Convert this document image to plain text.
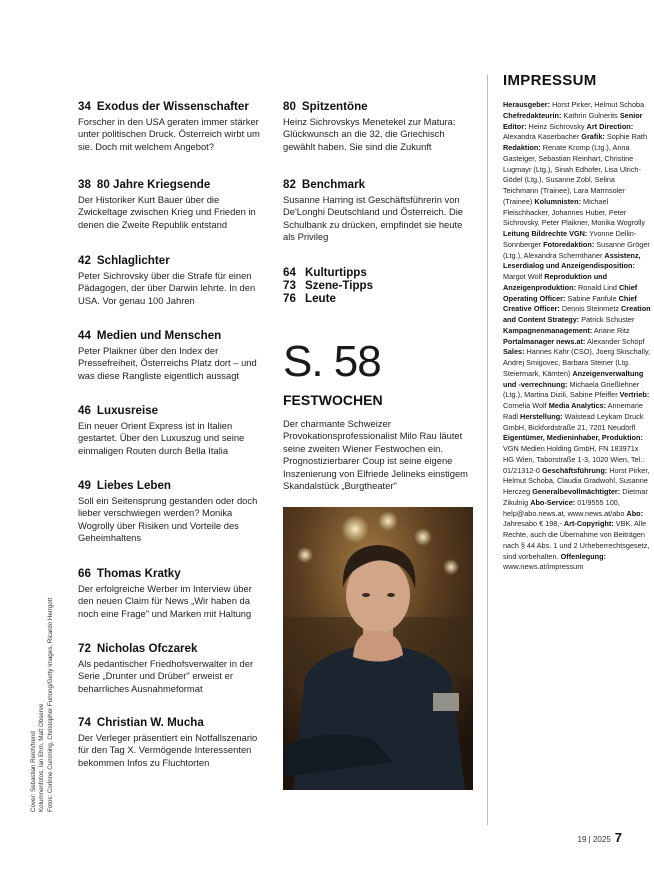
34 Exodus der Wissenschafter

Forscher in den USA geraten immer stärker unter politischen Druck. Österreich wirbt um sie. Doch mit welchem Angebot?

38 80 Jahre Kriegsende

Der Historiker Kurt Bauer über die Zwickeltage zwischen Krieg und Frieden in denen die Zweite Republik entstand

42 Schlaglichter

Peter Sichrovsky über die Strafe für einen Pädagogen, der über Darwin lehrte. In den USA. Vor genau 100 Jahren

44 Medien und Menschen

Peter Plaikner über den Index der Pressefreiheit, Österreichs Platz dort – und was diese Rangliste eigentlich aussagt

46 Luxusreise

Ein neuer Orient Express ist in Italien gestartet. Über den Luxuszug und seine einmaligen Routen durch Bella Italia

49 Liebes Leben

Soll ein Seitensprung gestanden oder doch lieber verschwiegen werden? Monika Wogrolly über Risiken und Vorteile des Geheimhaltens

66 Thomas Kratky

Der erfolgreiche Werber im Interview über den neuen Claim für News „Wir haben da noch eine Frage" und Marken mit Haltung

72 Nicholas Ofczarek

Als pedantischer Friedhofsverwalter in der Serie „Drunter und Drüber" erweist er beharrliches Ausnahmeformat

74 Christian W. Mucha

Der Verleger präsentiert ein Notfallszenario für den Tag X. Vermögende Interessenten bekommen Infos zu Fluchtorten

80 Spitzentöne

Heinz Sichrovskys Menetekel zur Matura: Glückwunsch an die 32, die Griechisch gewählt haben. Sie sind die Zukunft

82 Benchmark

Susanne Harring ist Geschäftsführerin von De'Longhi Deutschland und Österreich. Die Schulbank zu drücken, empfindet sie heute als Privileg

64 Kulturtipps
73 Szene-Tipps
76 Leute
S. 58
FESTWOCHEN
Der charmante Schweizer Provokationsprofessionalist Milo Rau läutet seine zweiten Wiener Festwochen ein. Prognostizierbarer Coup ist seine eigene Inszenierung von Elfriede Jelineks einstigem Skandalstück „Burgtheater"
IMPRESSUM
Herausgeber: Horst Pirker, Helmut Schoba Chefredakteurin: Kathrin Gulnerits Senior Editor: Heinz Sichrovsky Art Direction: Alexandra Kaserbacher Grafik: Sophie Rath Redaktion: Renate Kromp (Ltg.), Anna Gasteiger, Sebastian Reinhart, Christine Lugmayr (Ltg.), Sinah Edhofer, Lisa Ulrich-Gödel (Ltg.), Susanne Zobl, Selina Teichmann (Trainee), Lara Marmsoler (Trainee) Kolumnisten: Michael Fleischhacker, Johannes Huber, Peter Sichrovsky, Peter Plaikner, Monika Wogrolly Leitung Bildrechte VGN: Yvonne Dellin-Sonnberger Fotoredaktion: Susanne Gröger (Ltg.), Alexandra Schernthaner Assistenz, Leserdialog und Anzeigendisposition: Margot Wolf Reproduktion und Anzeigenproduktion: Ronald Lind Chief Operating Officer: Sabine Fanfule Chief Creative Officer: Dennis Steinmetz Creation and Content Strategy: Patrick Schuster Kampagnenmanagement: Ariane Ritz Portalmanager news.at: Alexander Schöpf Sales: Hannes Kahr (CSO), Joerg Skischally, Andrej Smigovec, Barbara Steiner (Ltg. Steiermark, Kärnten) Anzeigenverwaltung und -verrechnung: Michaela Grießlehner (Ltg.), Martina Dizili, Sabine Pfeiffer Vertrieb: Cornelia Wolf Media Analytics: Annemarie Radl Herstellung: Walstead Leykam Druck GmbH, Bickfordstraße 21, 7201 Neudörfl Eigentümer, Medieninhaber, Produktion: VGN Medien Holding GmbH, FN 183971x HG Wien, Taborstraße 1-3, 1020 Wien, Tel.: 01/21312-0 Geschäftsführung: Horst Pirker, Helmut Schoba, Claudia Gradwohl, Susanne Herczeg Generalbevollmächtigter: Dietmar Zikulnig Abo-Service: 01/9555 100, help@abo.news.at, www.news.at/abo Abo: Jahresabo € 198,- Art-Copyright: VBK. Alle Rechte, auch die Übernahme von Beiträgen nach § 44 Abs. 1 und 2 Urheberrechtsgesetz, sind vorbehalten. Offenlegung: www.news.at/impressum
Cover: Sebastian Reich/trend Kolumnenfotos: Ian Ehm, Matt Observe Fotos: Corinne Cumming, Christopher Furlong/Getty Images, Ricardo Herrgott
19 | 2025 7
